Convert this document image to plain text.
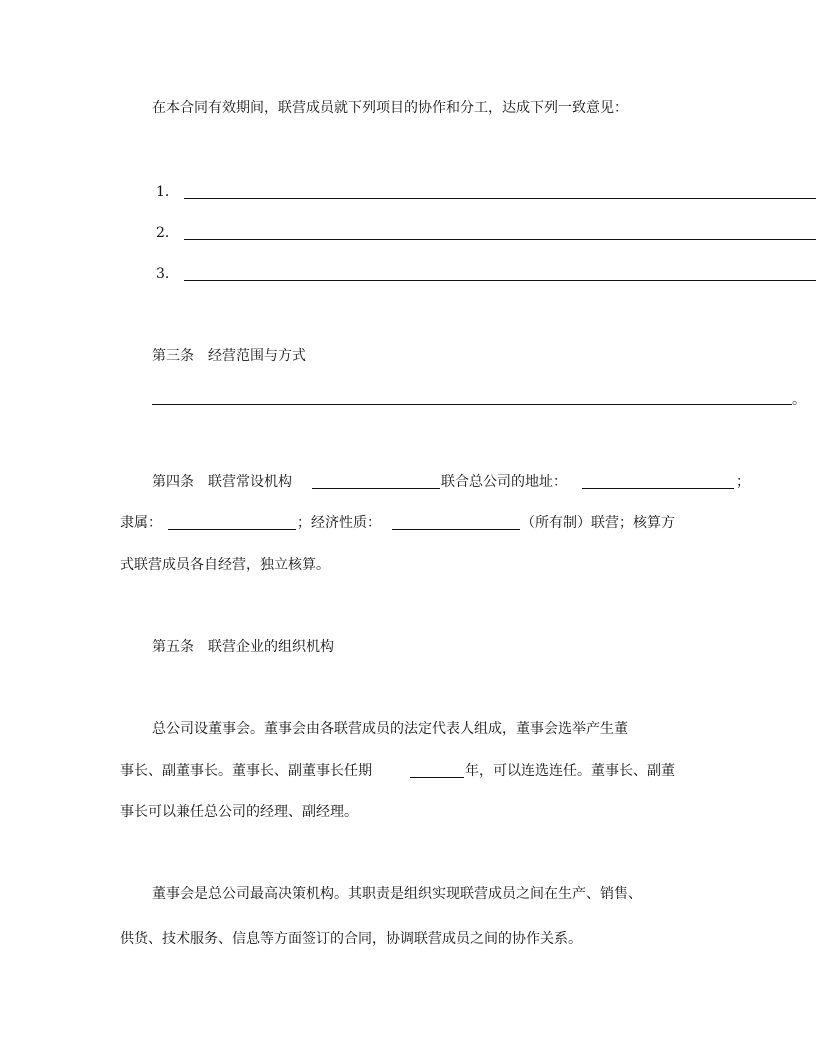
在本合同有效期间，联营成员就下列项目的协作和分工，达成下列一致意见：
1．
2．
3．
第三条　经营范围与方式
。
第四条　联营常设机构	联合总公司的地址：	；
隶属：	；经济性质：	（所有制）联营；核算方
式联营成员各自经营，独立核算。
第五条　联营企业的组织机构
总公司设董事会。董事会由各联营成员的法定代表人组成，董事会选举产生董
事长、副董事长。董事长、副董事长任期	年，可以连选连任。董事长、副董
事长可以兼任总公司的经理、副经理。
董事会是总公司最高决策机构。其职责是组织实现联营成员之间在生产、销售、
供货、技术服务、信息等方面签订的合同，协调联营成员之间的协作关系。
